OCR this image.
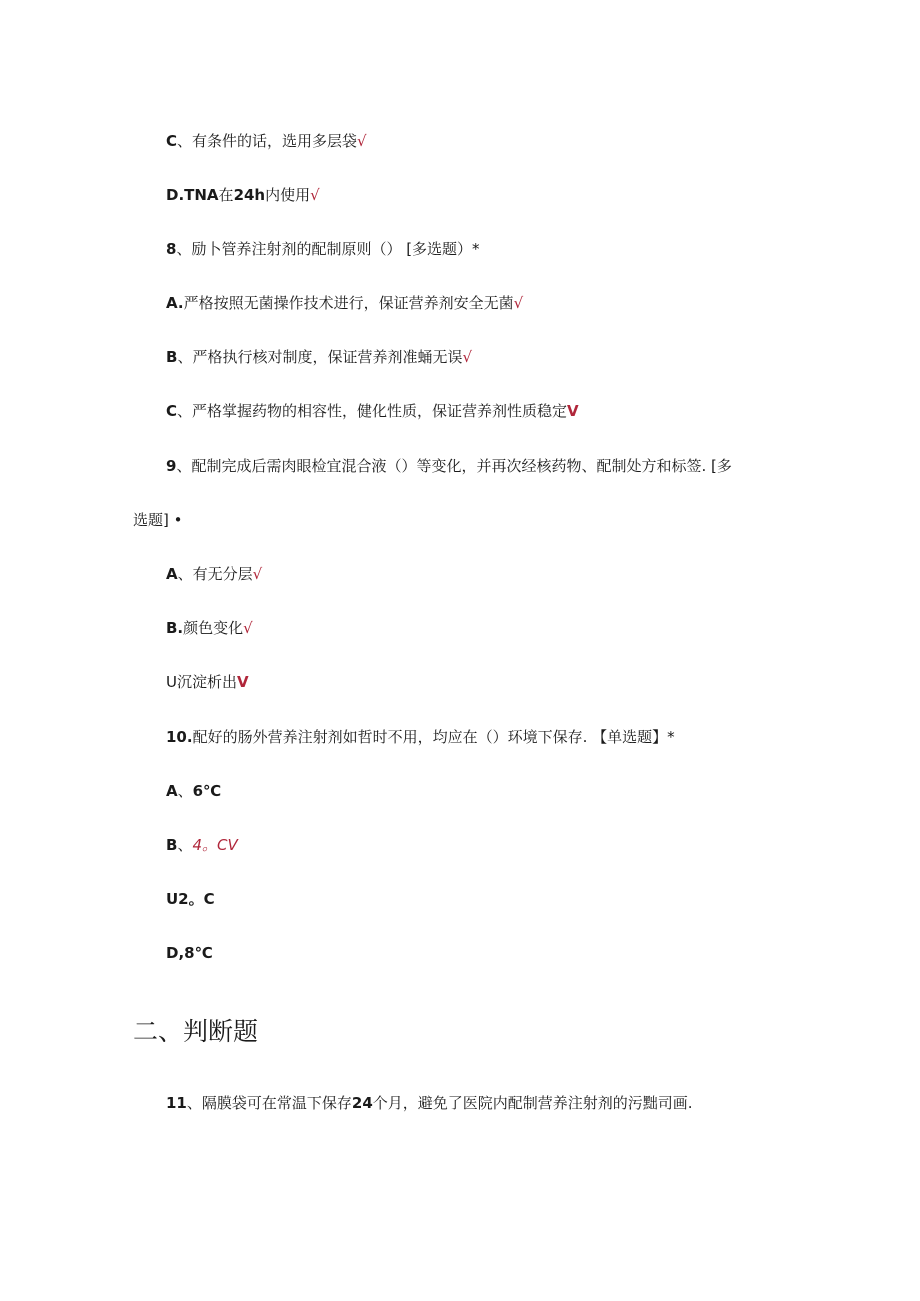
C、有条件的话，选用多层袋√
D.TNA在24h内使用√
8、励卜管养注射剂的配制原则（） [多选题）*
A.严格按照无菌操作技术进行，保证营养剂安全无菌√
B、严格执行核对制度，保证营养剂准蛹无误√
C、严格掌握药物的相容性，健化性质，保证营养剂性质稳定V
9、配制完成后需肉眼检宜混合液（）等变化，并再次经核药物、配制处方和标签. [多
选题] •
A、有无分层√
B.颜色变化√
U沉淀析出V
10.配好的肠外营养注射剂如哲时不用，均应在（）环境下保存. 【单选题】*
A、6℃
B、4。CV
U2。C
D,8℃
二、判断题
11、隔膜袋可在常温下保存24个月，避免了医院内配制营养注射剂的污黜司画.
